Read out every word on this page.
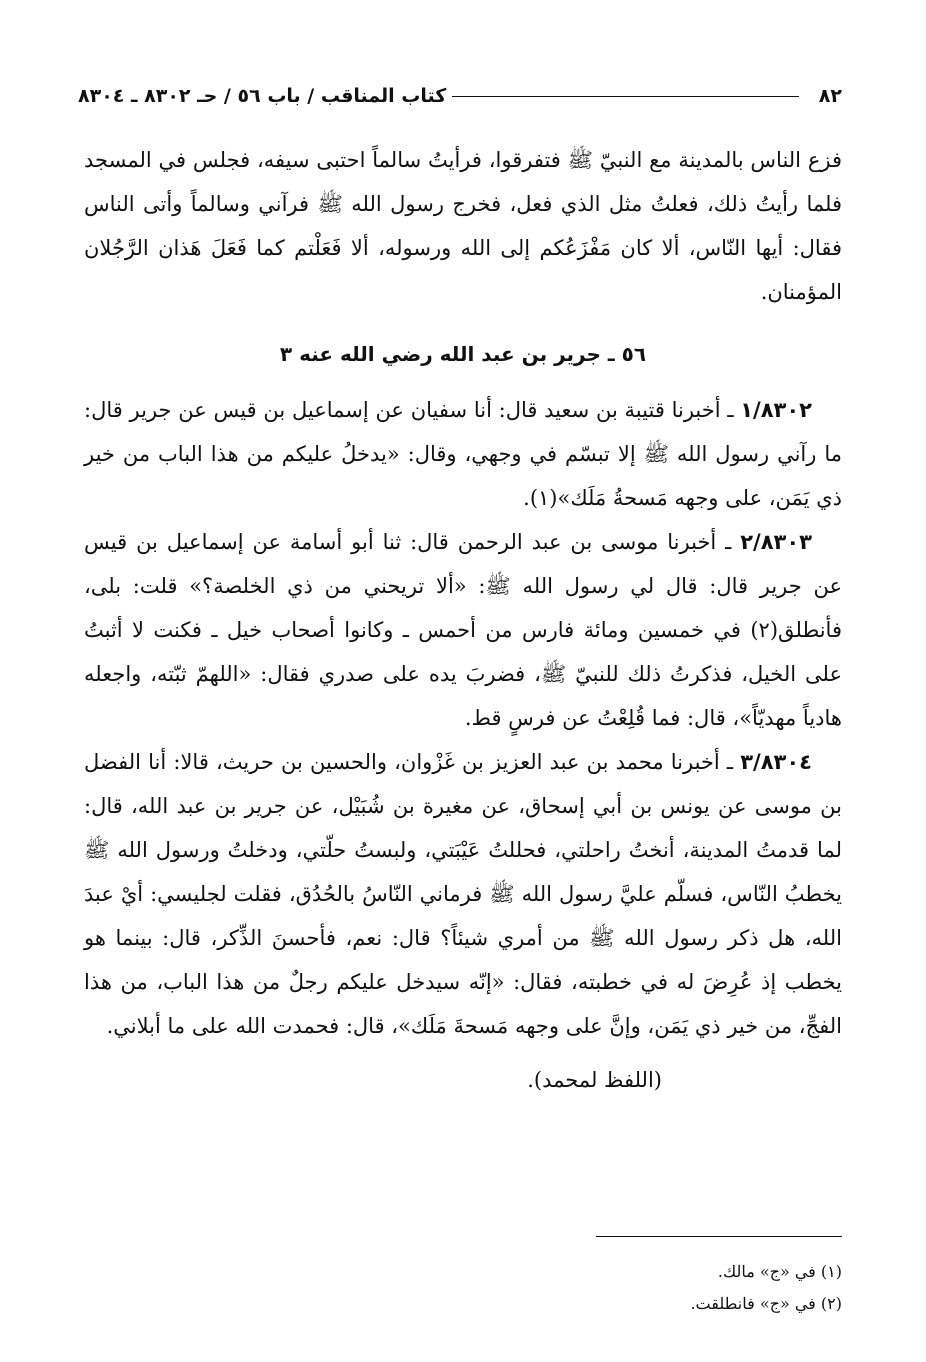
٨٢
كتاب المناقب / باب ٥٦ / حـ ٨٣٠٢ ـ ٨٣٠٤

فزع الناس بالمدينة مع النبيّ ﷺ فتفرقوا، فرأيتُ سالماً احتبى سيفه، فجلس في المسجد فلما رأيتُ ذلك، فعلتُ مثل الذي فعل، فخرج رسول الله ﷺ فرآني وسالماً وأتى الناس فقال: أيها النّاس، ألا كان مَفْزَعُكم إلى الله ورسوله، ألا فَعَلْتم كما فَعَلَ هَذان الرَّجُلان المؤمنان.

٥٦ ـ جرير بن عبد الله رضي الله عنه ٣

١/٨٣٠٢ ـ أخبرنا قتيبة بن سعيد قال: أنا سفيان عن إسماعيل بن قيس عن جرير قال: ما رآني رسول الله ﷺ إلا تبسّم في وجهي، وقال: «يدخلُ عليكم من هذا الباب من خير ذي يَمَن، على وجهه مَسحةُ مَلَك»(١).

٢/٨٣٠٣ ـ أخبرنا موسى بن عبد الرحمن قال: ثنا أبو أسامة عن إسماعيل بن قيس عن جرير قال: قال لي رسول الله ﷺ: «ألا تريحني من ذي الخلصة؟» قلت: بلى، فأنطلق(٢) في خمسين ومائة فارس من أحمس ـ وكانوا أصحاب خيل ـ فكنت لا أثبتُ على الخيل، فذكرتُ ذلك للنبيّ ﷺ، فضربَ يده على صدري فقال: «اللهمّ ثبّته، واجعله هادياً مهديّاً»، قال: فما قُلِعْتُ عن فرسٍ قط.

٣/٨٣٠٤ ـ أخبرنا محمد بن عبد العزيز بن غَزْوان، والحسين بن حريث، قالا: أنا الفضل بن موسى عن يونس بن أبي إسحاق، عن مغيرة بن شُبَيْل، عن جرير بن عبد الله، قال: لما قدمتُ المدينة، أنختُ راحلتي، فحللتُ عَيْبَتي، ولبستُ حلّتي، ودخلتُ ورسول الله ﷺ يخطبُ النّاس، فسلّم عليَّ رسول الله ﷺ فرماني النّاسُ بالحُدُق، فقلت لجليسي: أيْ عبدَ الله، هل ذكر رسول الله ﷺ من أمري شيئاً؟ قال: نعم، فأحسنَ الذِّكر، قال: بينما هو يخطب إذ عُرِضَ له في خطبته، فقال: «إنّه سيدخل عليكم رجلٌ من هذا الباب، من هذا الفجِّ، من خير ذي يَمَن، وإنَّ على وجهه مَسحةَ مَلَك»، قال: فحمدت الله على ما أبلاني.

(اللفظ لمحمد).
(١) في «ج» مالك.
(٢) في «ج» فانطلقت.
